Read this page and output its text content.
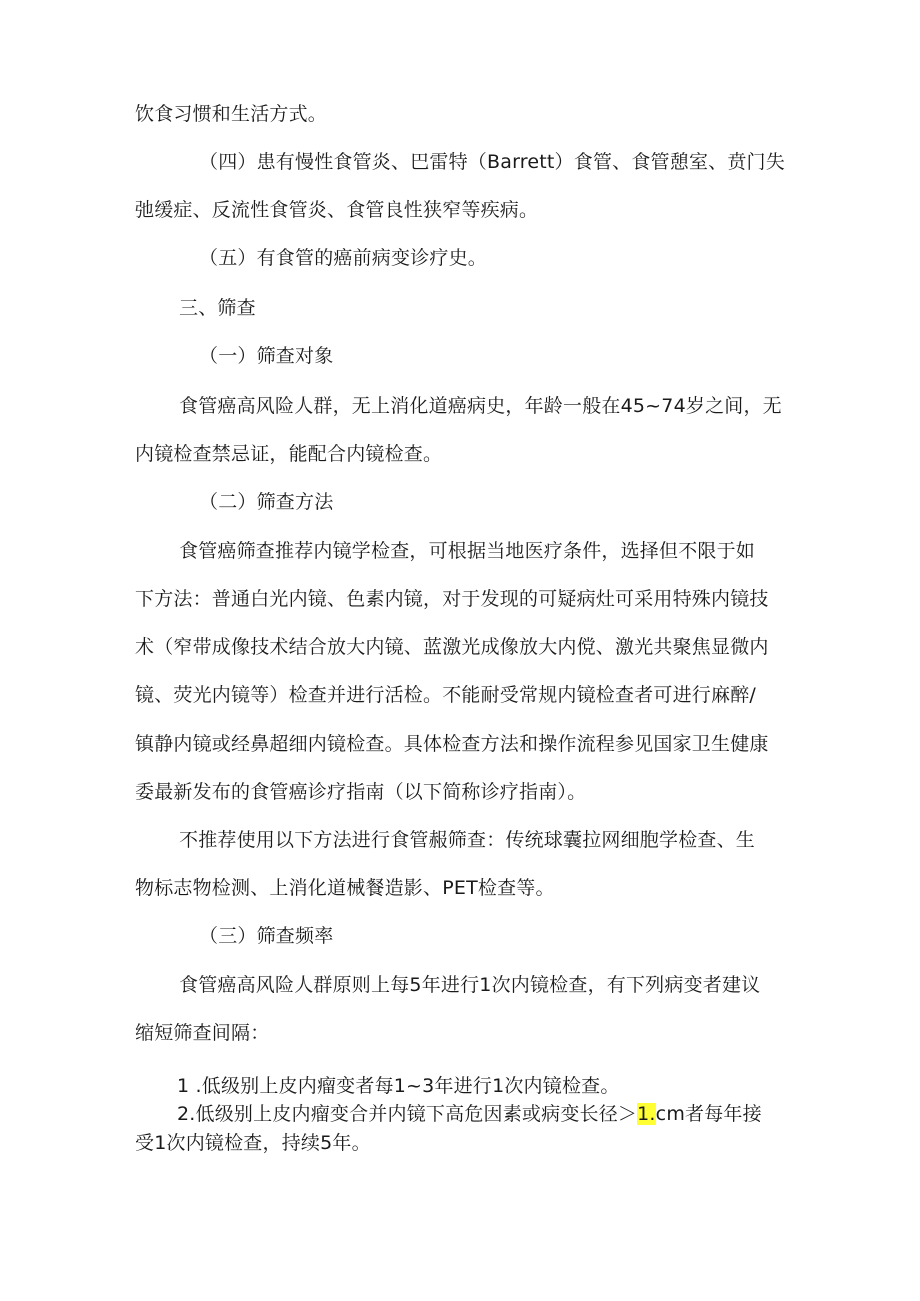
饮食习惯和生活方式。
（四）患有慢性食管炎、巴雷特（Barrett）食管、食管憩室、贲门失
弛缓症、反流性食管炎、食管良性狭窄等疾病。
（五）有食管的癌前病变诊疗史。
三、筛查
（一）筛查对象
食管癌高风险人群，无上消化道癌病史，年龄一般在45~74岁之间，无
内镜检查禁忌证，能配合内镜检查。
（二）筛查方法
食管癌筛查推荐内镜学检查，可根据当地医疗条件，选择但不限于如
下方法：普通白光内镜、色素内镜，对于发现的可疑病灶可采用特殊内镜技
术（窄带成像技术结合放大内镜、蓝激光成像放大内傥、激光共聚焦显微内
镜、荧光内镜等）检查并进行活检。不能耐受常规内镜检查者可进行麻醉/
镇静内镜或经鼻超细内镜检查。具体检查方法和操作流程参见国家卫生健康
委最新发布的食管癌诊疗指南（以下简称诊疗指南）。
不推荐使用以下方法进行食管赧筛查：传统球囊拉网细胞学检查、生
物标志物检测、上消化道械餐造影、PET检查等。
（三）筛查频率
食管癌高风险人群原则上每5年进行1次内镜检查，有下列病变者建议
缩短筛查间隔：
1 .低级别上皮内瘤变者每1~3年进行1次内镜检查。
2.低级别上皮内瘤变合并内镜下高危因素或病变长径＞1.cm者每年接
受1次内镜检查，持续5年。
